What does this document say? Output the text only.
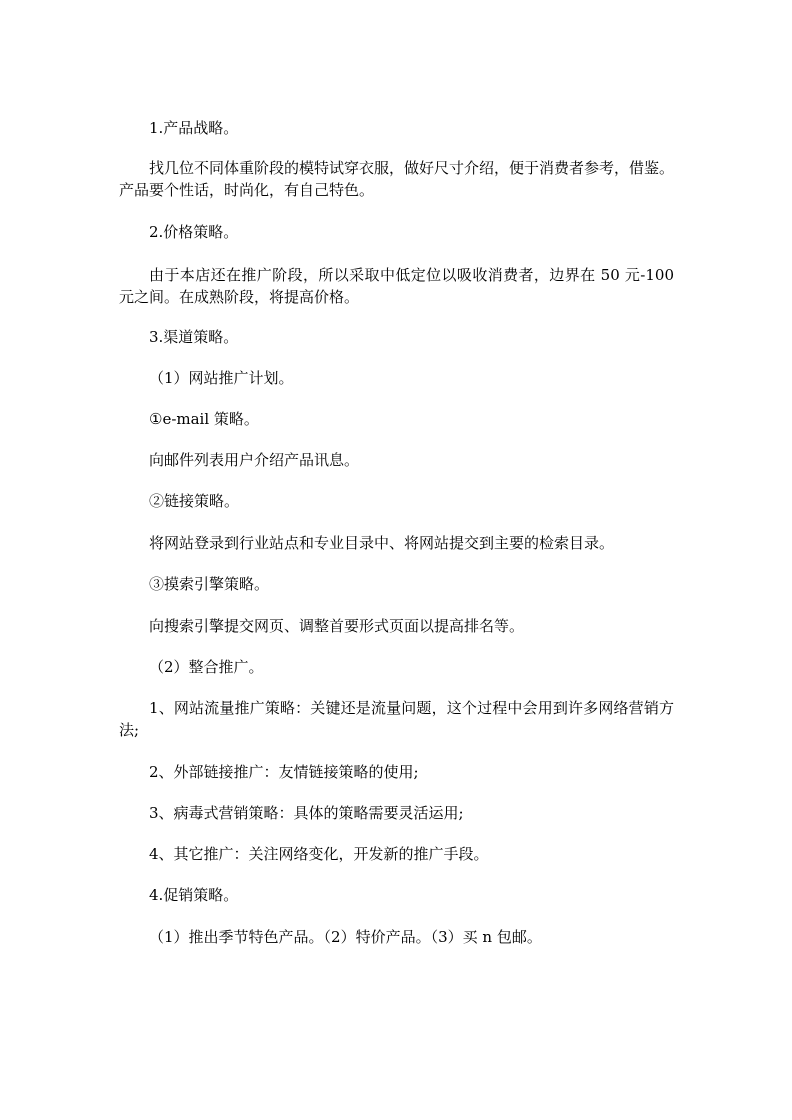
1.产品战略。

找几位不同体重阶段的模特试穿衣服，做好尺寸介绍，便于消费者参考，借鉴。产品要个性话，时尚化，有自己特色。

2.价格策略。

由于本店还在推广阶段，所以采取中低定位以吸收消费者，边界在 50 元-100 元之间。在成熟阶段，将提高价格。

3.渠道策略。

（1）网站推广计划。

①e-mail 策略。

向邮件列表用户介绍产品讯息。

②链接策略。

将网站登录到行业站点和专业目录中、将网站提交到主要的检索目录。

③摸索引擎策略。

向搜索引擎提交网页、调整首要形式页面以提高排名等。

（2）整合推广。

1、网站流量推广策略：关键还是流量问题，这个过程中会用到许多网络营销方法;

2、外部链接推广：友情链接策略的使用;

3、病毒式营销策略：具体的策略需要灵活运用;

4、其它推广：关注网络变化，开发新的推广手段。

4.促销策略。

（1）推出季节特色产品。（2）特价产品。（3）买 n 包邮。
